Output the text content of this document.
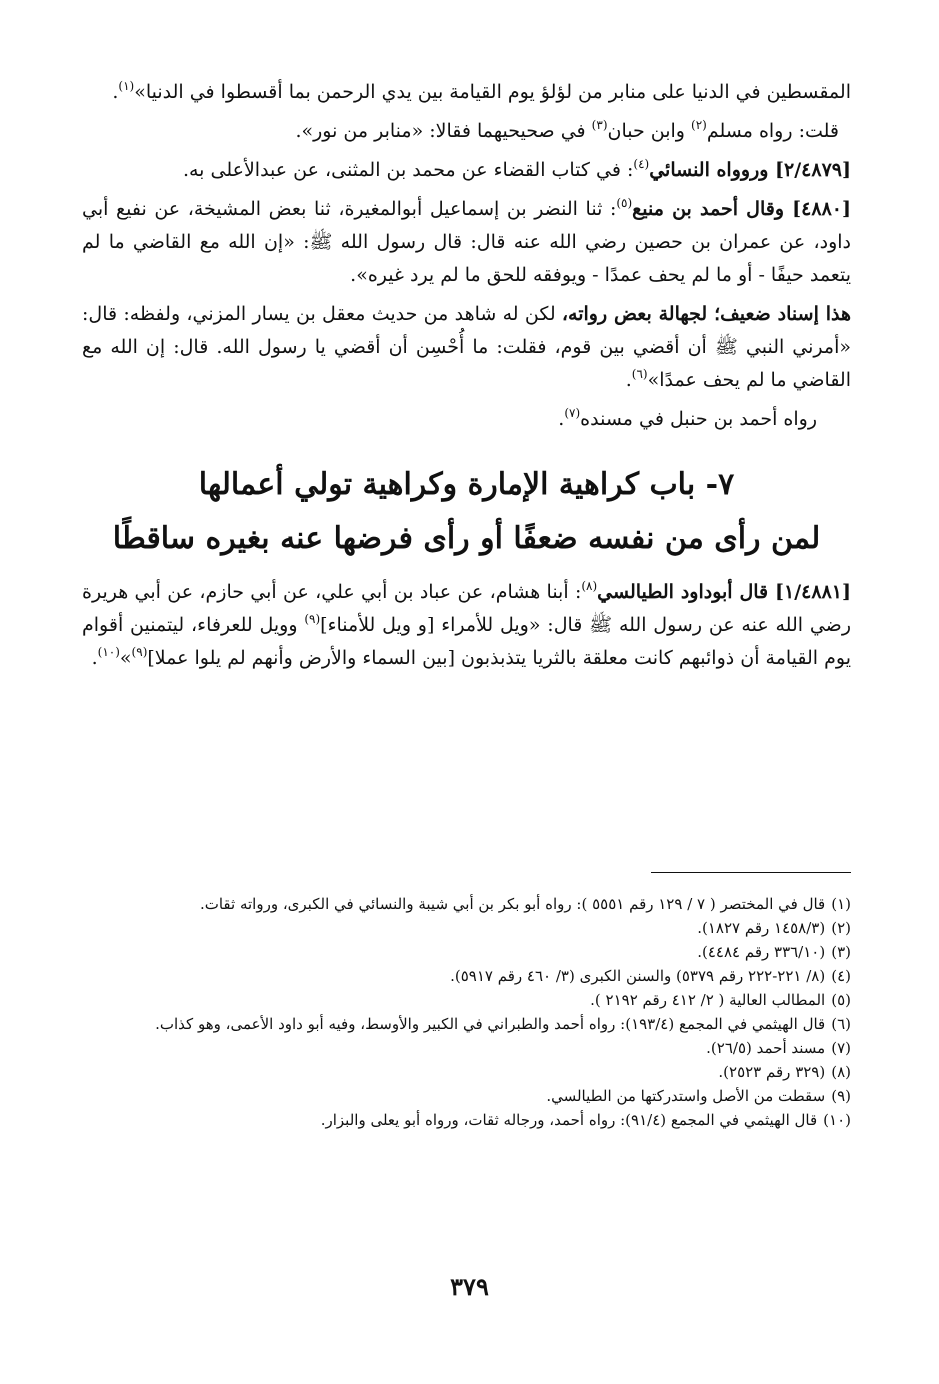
المقسطين في الدنيا على منابر من لؤلؤ يوم القيامة بين يدي الرحمن بما أقسطوا في الدنيا»$^{(١)}$.

قلت: رواه مسلم$^{(٢)}$ وابن حبان$^{(٣)}$ في صحيحيهما فقالا: «منابر من نور».

[٢/٤٨٧٩] وروواه النسائي$^{(٤)}$: في كتاب القضاء عن محمد بن المثنى، عن عبدالأعلى به.

[٤٨٨٠] وقال أحمد بن منيع$^{(٥)}$: ثنا النضر بن إسماعيل أبوالمغيرة، ثنا بعض المشيخة، عن نفيع أبي داود، عن عمران بن حصين رضي الله عنه قال: قال رسول الله ﷺ: «إن الله مع القاضي ما لم يتعمد حيفًا - أو ما لم يحف عمدًا - ويوفقه للحق ما لم يرد غيره».

هذا إسناد ضعيف؛ لجهالة بعض رواته، لكن له شاهد من حديث معقل بن يسار المزني، ولفظه: قال: «أمرني النبي ﷺ أن أقضي بين قوم، فقلت: ما أُحْسِن أن أقضي يا رسول الله. قال: إن الله مع القاضي ما لم يحف عمدًا»$^{(٦)}$.

رواه أحمد بن حنبل في مسنده$^{(٧)}$.

٧- باب كراهية الإمارة وكراهية تولي أعمالها
لمن رأى من نفسه ضعفًا أو رأى فرضها عنه بغيره ساقطًا

[١/٤٨٨١] قال أبوداود الطيالسي$^{(٨)}$: أبنا هشام، عن عباد بن أبي علي، عن أبي حازم، عن أبي هريرة رضي الله عنه عن رسول الله ﷺ قال: «ويل للأمراء [و ويل للأمناء]$^{(٩)}$ وويل للعرفاء، ليتمنين أقوام يوم القيامة أن ذوائبهم كانت معلقة بالثريا يتذبذبون [بين السماء والأرض وأنهم لم يلوا عملا]$^{(٩)}$»$^{(١٠)}$.

(١)
قال في المختصر ( ٧ / ١٢٩ رقم ٥٥٥١ ): رواه أبو بكر بن أبي شيبة والنسائي في الكبرى، ورواته ثقات.
(٢)
(١٤٥٨/٣ رقم ١٨٢٧).
(٣)
(٣٣٦/١٠ رقم ٤٤٨٤).
(٤)
(٨/ ٢٢١-٢٢٢ رقم ٥٣٧٩) والسنن الكبرى (٣/ ٤٦٠ رقم ٥٩١٧).
(٥)
المطالب العالية ( ٢/ ٤١٢ رقم ٢١٩٢ ).
(٦)
قال الهيثمي في المجمع (١٩٣/٤): رواه أحمد والطبراني في الكبير والأوسط، وفيه أبو داود الأعمى، وهو كذاب.
(٧)
مسند أحمد (٢٦/٥).
(٨)
(٣٢٩ رقم ٢٥٢٣).
(٩)
سقطت من الأصل واستدركتها من الطيالسي.
(١٠)
قال الهيثمي في المجمع (٩١/٤): رواه أحمد، ورجاله ثقات، ورواه أبو يعلى والبزار.
٣٧٩
